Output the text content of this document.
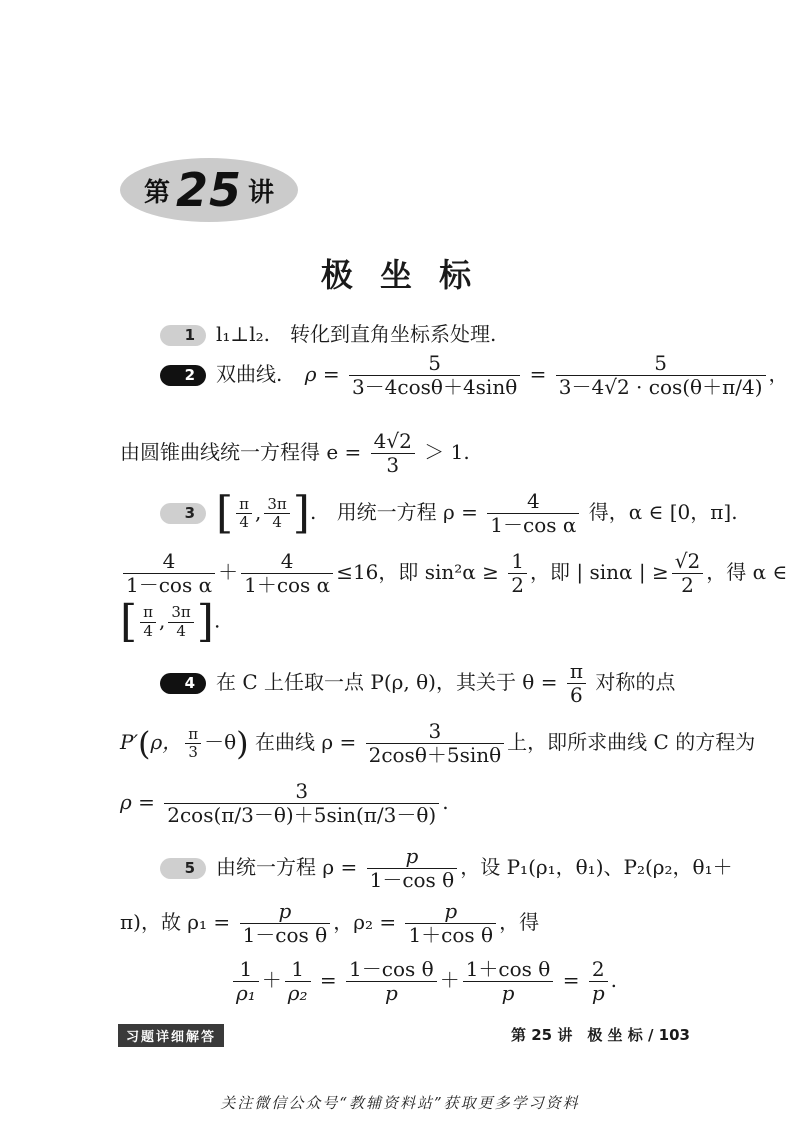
第 25 讲
极 坐 标
1 l₁⊥l₂.　转化到直角坐标系处理.
2 双曲线. $\rho = \frac{5}{3-4\cos\theta+4\sin\theta} = \frac{5}{3-4√2 \cdot \cos(\theta+\pi/4)}$ ，
由圆锥曲线统一方程得 $e = \frac{4√2}{3} > 1$.
3 [ $\frac{\pi}{4}$ , $\frac{3\pi}{4}$ ]. 用统一方程 $\rho = \frac{4}{\text{1－cos α}}$ 得，α ∈ [0，π].
$\frac{4}{\text{1－cos α}} + \frac{4}{\text{1＋cos α}} \le 16$，即 $\sin^2\alpha \ge \frac{1}{2}$ ，即 | sinα | ≥ $\frac{√2}{2}$ ，得 α ∈
[ $\frac{\pi}{4}$ , $\frac{3\pi}{4}$ ].
4 在 C 上任取一点 P(ρ, θ)，其关于 $\theta = \frac{\pi}{6}$ 对称的点
P′(ρ， $\frac{\pi}{3} -\theta$) 在曲线 $\rho = \frac{3}{2\cos\theta+5\sin\theta}$ 上，即所求曲线 C 的方程为
$\rho = \frac{3}{2\cos(\pi/3-\theta)+5\sin(\pi/3-\theta)}$ .
5 由统一方程 $\rho = \frac{p}{\text{1－cos θ}}$ ，设 P₁(ρ₁，θ₁)、P₂(ρ₂，θ₁＋
π)，故 $\rho_1 = \frac{p}{\text{1－cos θ}}$ ，$\rho_2 = \frac{p}{\text{1＋cos θ}}$ ，得
$\frac{1}{\text{ρ₁}} + \frac{1}{\text{ρ₂}} = \frac{\text{1－cos θ}}{p} + \frac{\text{1＋cos θ}}{p} = \frac{2}{p}$ .
习题详细解答	第 25 讲　极 坐 标 / 103
关注微信公众号“教辅资料站”获取更多学习资料
